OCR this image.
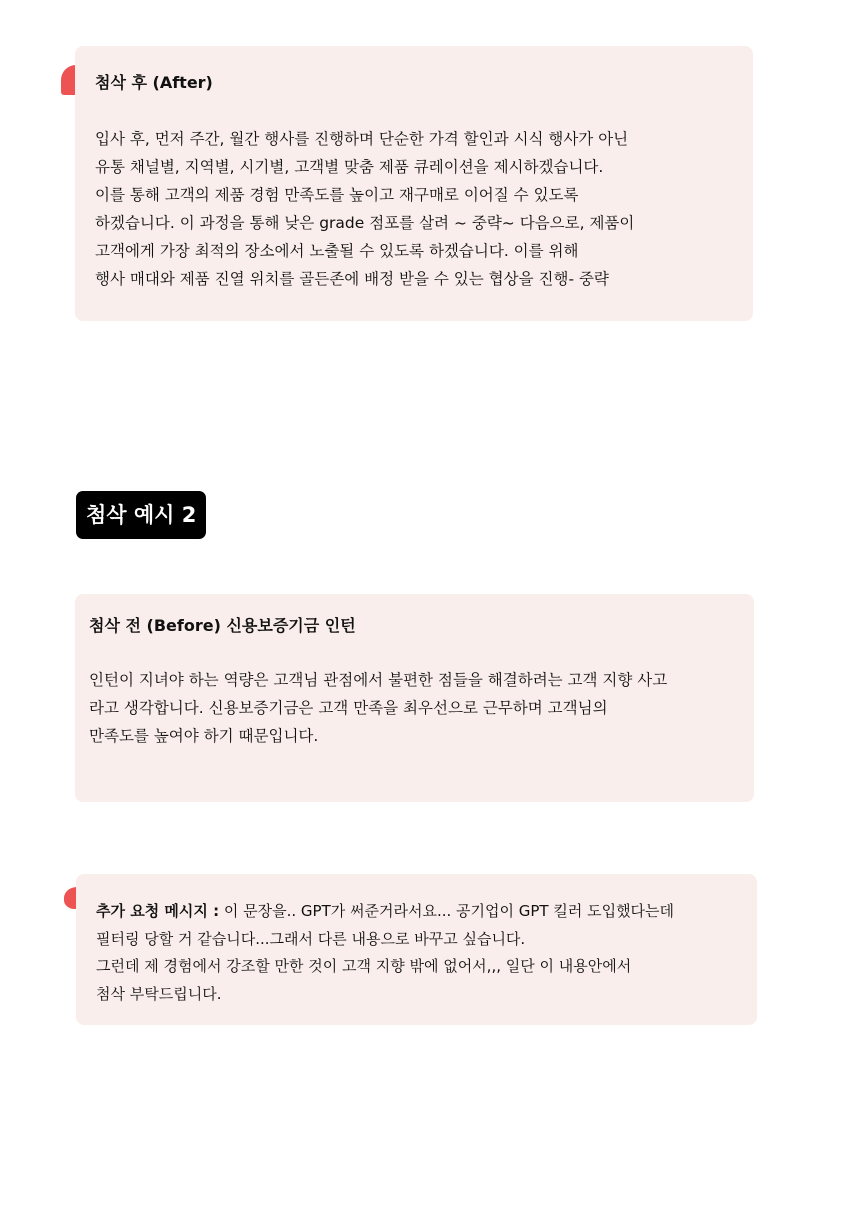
첨삭 후 (After)

입사 후, 먼저 주간, 월간 행사를 진행하며 단순한 가격 할인과 시식 행사가 아닌
유통 채널별, 지역별, 시기별, 고객별 맞춤 제품 큐레이션을 제시하겠습니다.
이를 통해 고객의 제품 경험 만족도를 높이고 재구매로 이어질 수 있도록
하겠습니다. 이 과정을 통해 낮은 grade 점포를 살려 ~ 중략~ 다음으로, 제품이
고객에게 가장 최적의 장소에서 노출될 수 있도록 하겠습니다. 이를 위해
행사 매대와 제품 진열 위치를 골든존에 배정 받을 수 있는 협상을 진행- 중략

첨삭 예시 2

첨삭 전 (Before) 신용보증기금 인턴

인턴이 지녀야 하는 역량은 고객님 관점에서 불편한 점들을 해결하려는 고객 지향 사고
라고 생각합니다. 신용보증기금은 고객 만족을 최우선으로 근무하며 고객님의
만족도를 높여야 하기 때문입니다.

추가 요청 메시지 : 이 문장을.. GPT가 써준거라서요... 공기업이 GPT 킬러 도입했다는데
필터링 당할 거 같습니다...그래서 다른 내용으로 바꾸고 싶습니다.
그런데 제 경험에서 강조할 만한 것이 고객 지향 밖에 없어서,,, 일단 이 내용안에서
첨삭 부탁드립니다.
